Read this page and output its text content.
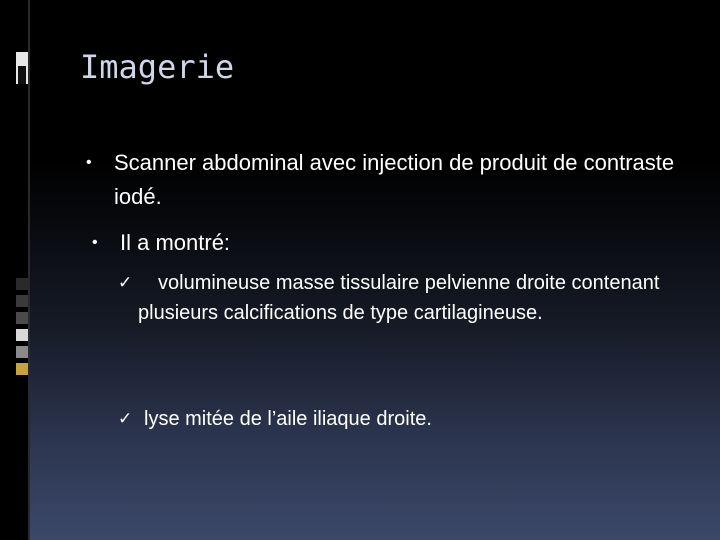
Imagerie
• Scanner abdominal avec injection de produit de contraste iodé.
• Il a montré:
✓	volumineuse masse tissulaire pelvienne droite contenant plusieurs calcifications de type cartilagineuse.
✓ lyse mitée de l’aile iliaque droite.
